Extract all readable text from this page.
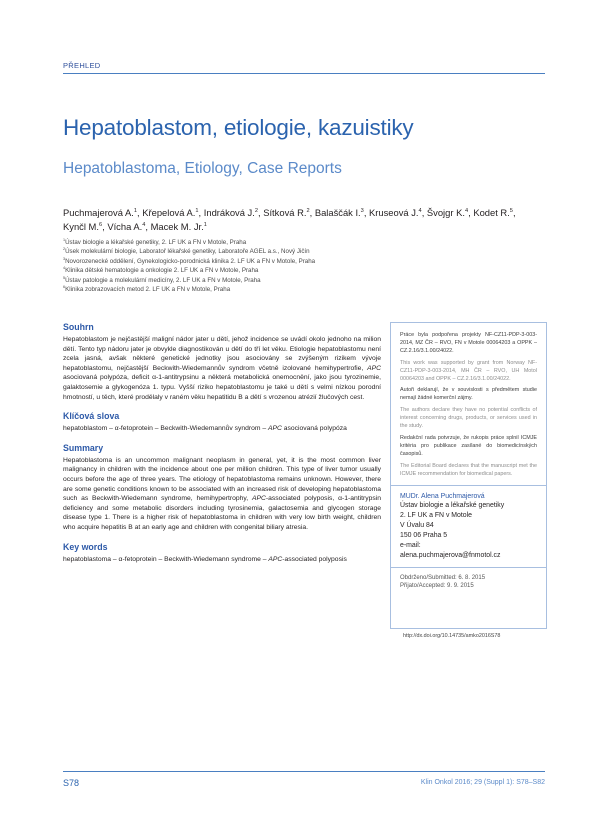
PŘEHLED
Hepatoblastom, etiologie, kazuistiky
Hepatoblastoma, Etiology, Case Reports
Puchmajerová A.$^1$, Křepelová A.$^1$, Indráková J.$^2$, Sítková R.$^2$, Balaščák I.$^3$, Kruseová J.$^4$, Švojgr K.$^4$, Kodet R.$^5$, Kynčl M.$^6$, Vícha A.$^4$, Macek M. Jr.$^1$
$^1$Ústav biologie a lékařské genetiky, 2. LF UK a FN v Motole, Praha
$^2$Úsek molekulární biologie, Laboratoř lékařské genetiky, Laboratoře AGEL a.s., Nový Jičín
$^3$Novorozenecké oddělení, Gynekologicko-porodnická klinika 2. LF UK a FN v Motole, Praha
$^4$Klinika dětské hematologie a onkologie 2. LF UK a FN v Motole, Praha
$^5$Ústav patologie a molekulární medicíny, 2. LF UK a FN v Motole, Praha
$^6$Klinika zobrazovacích metod 2. LF UK a FN v Motole, Praha
Souhrn

Hepatoblastom je nejčastější maligní nádor jater u dětí, jehož incidence se uvádí okolo jednoho na milion dětí. Tento typ nádoru jater je obvykle diagnostikován u dětí do tří let věku. Etiologie hepatoblastomu není zcela jasná, avšak některé genetické jednotky jsou asociovány se zvýšeným rizikem vývoje hepatoblastomu, nejčastější Beckwith-Wiedemannův syndrom včetně izolované hemihypertrofie, APC asociovaná polypóza, deficit α-1-antitrypsinu a některá metabolická onemocnění, jako jsou tyrozinemie, galaktosemie a glykogenóza 1. typu. Vyšší riziko hepatoblastomu je také u dětí s velmi nízkou porodní hmotností, u těch, které prodělaly v raném věku hepatitidu B a dětí s vrozenou atrézií žlučových cest.

Klíčová slova

hepatoblastom – α-fetoprotein – Beckwith-Wiedemannův syndrom – APC asociovaná polypóza

Summary

Hepatoblastoma is an uncommon malignant neoplasm in general, yet, it is the most common liver malignancy in children with the incidence about one per million children. This type of liver tumor usually occurs before the age of three years. The etiology of hepatoblastoma remains unknown. However, there are some genetic conditions known to be associated with an increased risk of developing hepatoblastoma such as Beckwith-Wiedemann syndrome, hemihypertrophy, APC-associated polyposis, α-1-antitrypsin deficiency and some metabolic disorders including tyrosinemia, galactosemia and glycogen storage disease type 1. There is a higher risk of hepatoblastoma in children with very low birth weight, children who acquire hepatitis B at an early age and children with congenital biliary atresia.

Key words

hepatoblastoma – α-fetoprotein – Beckwith-Wiedemann syndrome – APC-associated polyposis

Práce byla podpořena projekty NF-CZ11-PDP-3-003-2014, MZ ČR – RVO, FN v Motole 00064203 a OPPK – CZ.2.16/3.1.00/24022.

This work was supported by grant from Norway NF-CZ11-PDP-3-003-2014, MH ČR – RVO, UH Motol 00064203 and OPPK – CZ.2.16/3.1.00/24022.

Autoři deklarují, že v souvislosti s předmětem studie nemají žádné komerční zájmy.

The authors declare they have no potential conflicts of interest concerning drugs, products, or services used in the study.

Redakční rada potvrzuje, že rukopis práce splnil ICMJE kritéria pro publikace zasílané do biomedicínských časopisů.

The Editorial Board declares that the manuscript met the ICMJE recommendation for biomedical papers.

MUDr. Alena Puchmajerová
Ústav biologie a lékařské genetiky
2. LF UK a FN v Motole
V Úvalu 84
150 06 Praha 5
e-mail:
alena.puchmajerova@fnmotol.cz
Obdrženo/Submitted: 6. 8. 2015
Přijato/Accepted: 9. 9. 2015
http://dx.doi.org/10.14735/amko2016S78
S78	Klin Onkol 2016; 29 (Suppl 1): S78–S82
